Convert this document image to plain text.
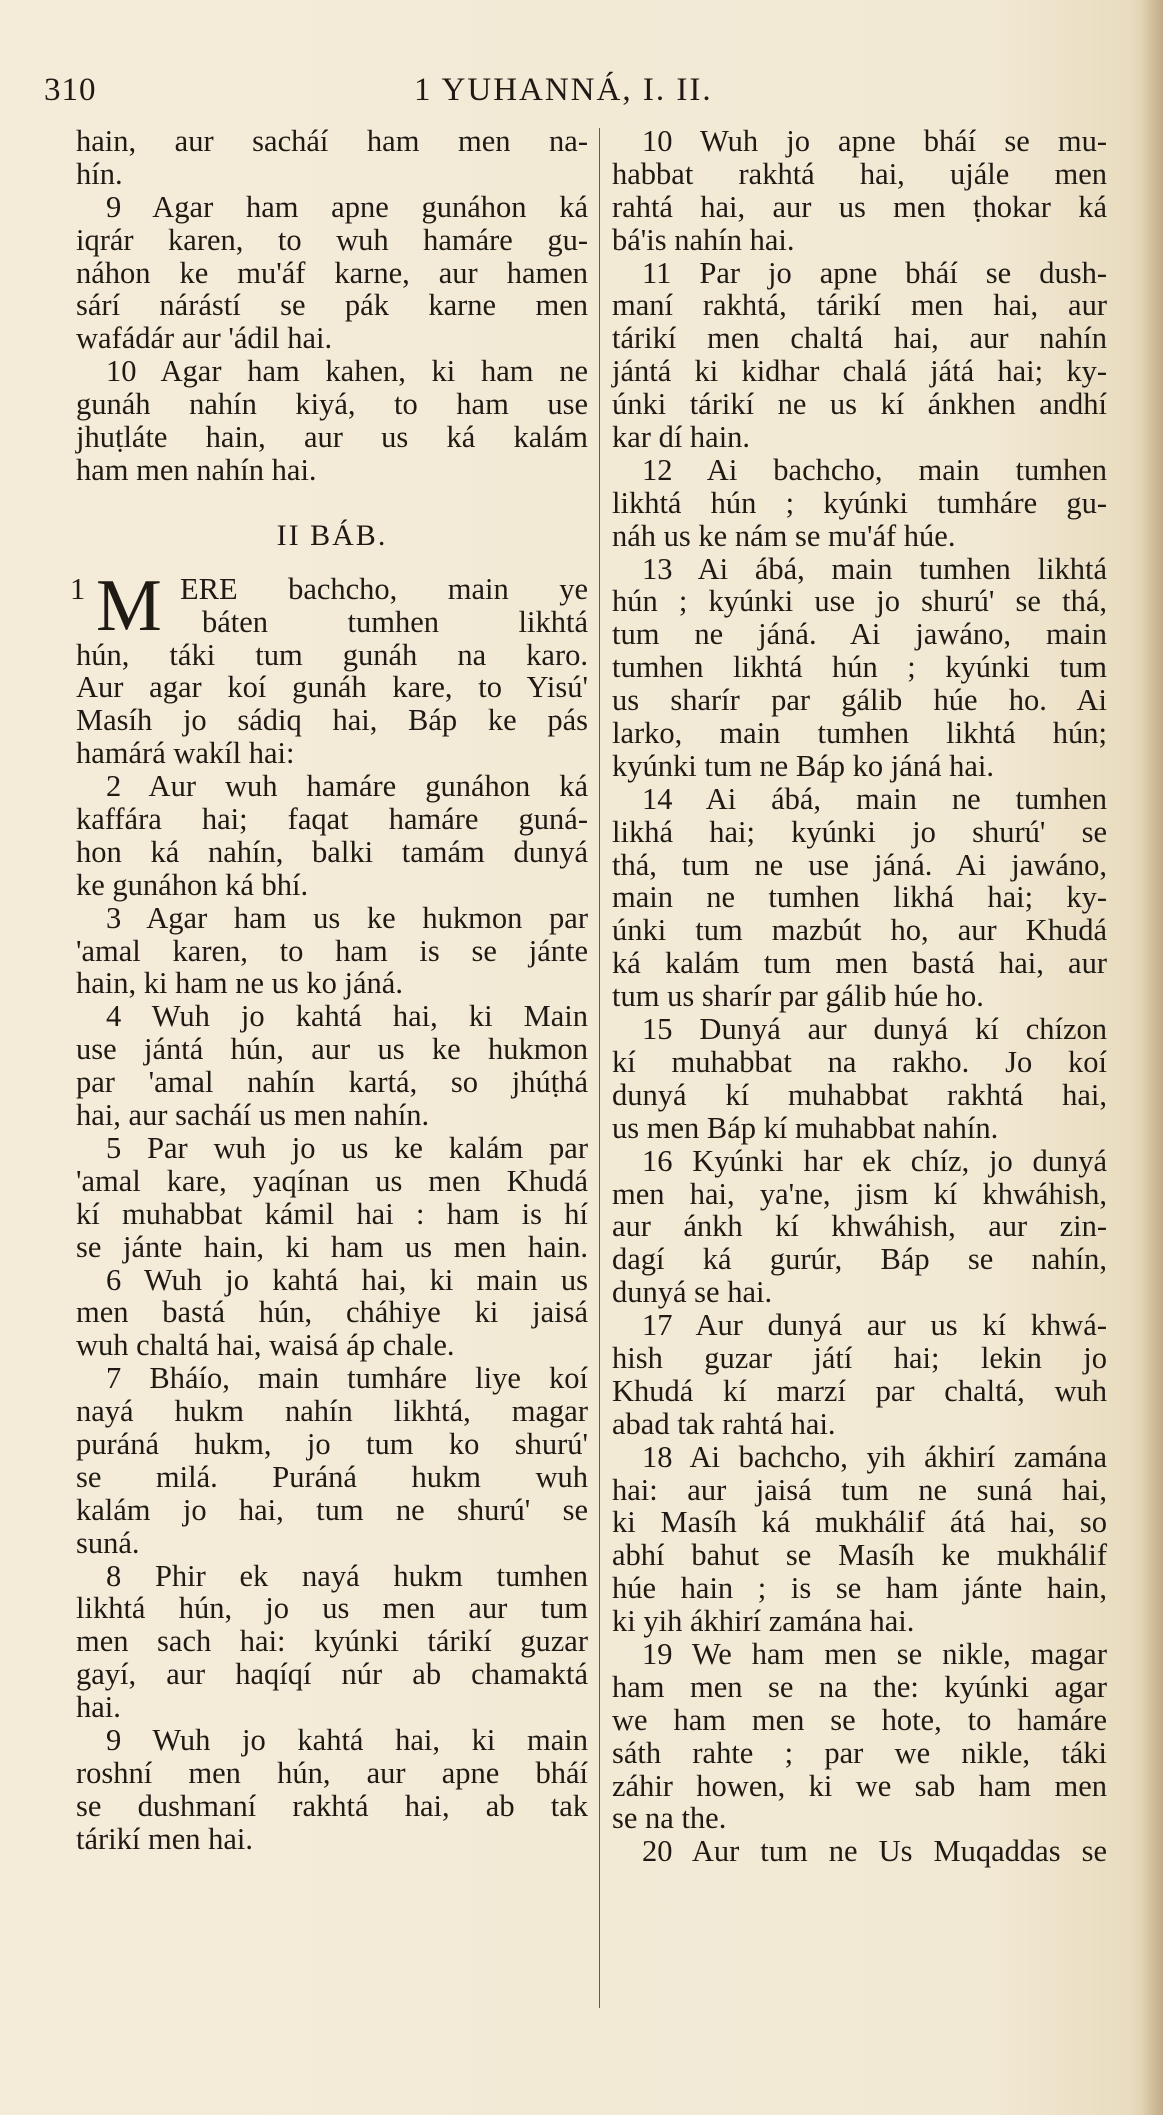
310	1 YUHANNÁ, I. II.
hain, aur sacháí ham men na-
hín.
9 Agar ham apne gunáhon ká
iqrár karen, to wuh hamáre gu-
náhon ke mu'áf karne, aur hamen
sárí nárástí se pák karne men
wafádár aur 'ádil hai.
10 Agar ham kahen, ki ham ne
gunáh nahín kiyá, to ham use
jhuṭláte hain, aur us ká kalám
ham men nahín hai.
II BÁB.
1 M ERE bachcho, main ye
báten tumhen likhtá
hún, táki tum gunáh na karo.
Aur agar koí gunáh kare, to Yisú'
Masíh jo sádiq hai, Báp ke pás
hamárá wakíl hai:
2 Aur wuh hamáre gunáhon ká
kaffára hai; faqat hamáre guná-
hon ká nahín, balki tamám dunyá
ke gunáhon ká bhí.
3 Agar ham us ke hukmon par
'amal karen, to ham is se jánte
hain, ki ham ne us ko jáná.
4 Wuh jo kahtá hai, ki Main
use jántá hún, aur us ke hukmon
par 'amal nahín kartá, so jhúṭhá
hai, aur sacháí us men nahín.
5 Par wuh jo us ke kalám par
'amal kare, yaqínan us men Khudá
kí muhabbat kámil hai : ham is hí
se jánte hain, ki ham us men hain.
6 Wuh jo kahtá hai, ki main us
men bastá hún, cháhiye ki jaisá
wuh chaltá hai, waisá áp chale.
7 Bháío, main tumháre liye koí
nayá hukm nahín likhtá, magar
puráná hukm, jo tum ko shurú'
se milá. Puráná hukm wuh
kalám jo hai, tum ne shurú' se
suná.
8 Phir ek nayá hukm tumhen
likhtá hún, jo us men aur tum
men sach hai: kyúnki tárikí guzar
gayí, aur haqíqí núr ab chamaktá
hai.
9 Wuh jo kahtá hai, ki main
roshní men hún, aur apne bháí
se dushmaní rakhtá hai, ab tak
tárikí men hai.
10 Wuh jo apne bháí se mu-
habbat rakhtá hai, ujále men
rahtá hai, aur us men ṭhokar ká
bá'is nahín hai.
11 Par jo apne bháí se dush-
maní rakhtá, tárikí men hai, aur
tárikí men chaltá hai, aur nahín
jántá ki kidhar chalá játá hai; ky-
únki tárikí ne us kí ánkhen andhí
kar dí hain.
12 Ai bachcho, main tumhen
likhtá hún ; kyúnki tumháre gu-
náh us ke nám se mu'áf húe.
13 Ai ábá, main tumhen likhtá
hún ; kyúnki use jo shurú' se thá,
tum ne jáná. Ai jawáno, main
tumhen likhtá hún ; kyúnki tum
us sharír par gálib húe ho. Ai
larko, main tumhen likhtá hún;
kyúnki tum ne Báp ko jáná hai.
14 Ai ábá, main ne tumhen
likhá hai; kyúnki jo shurú' se
thá, tum ne use jáná. Ai jawáno,
main ne tumhen likhá hai; ky-
únki tum mazbút ho, aur Khudá
ká kalám tum men bastá hai, aur
tum us sharír par gálib húe ho.
15 Dunyá aur dunyá kí chízon
kí muhabbat na rakho. Jo koí
dunyá kí muhabbat rakhtá hai,
us men Báp kí muhabbat nahín.
16 Kyúnki har ek chíz, jo dunyá
men hai, ya'ne, jism kí khwáhish,
aur ánkh kí khwáhish, aur zin-
dagí ká gurúr, Báp se nahín,
dunyá se hai.
17 Aur dunyá aur us kí khwá-
hish guzar játí hai; lekin jo
Khudá kí marzí par chaltá, wuh
abad tak rahtá hai.
18 Ai bachcho, yih ákhirí zamána
hai: aur jaisá tum ne suná hai,
ki Masíh ká mukhálif átá hai, so
abhí bahut se Masíh ke mukhálif
húe hain ; is se ham jánte hain,
ki yih ákhirí zamána hai.
19 We ham men se nikle, magar
ham men se na the: kyúnki agar
we ham men se hote, to hamáre
sáth rahte ; par we nikle, táki
záhir howen, ki we sab ham men
se na the.
20 Aur tum ne Us Muqaddas se
